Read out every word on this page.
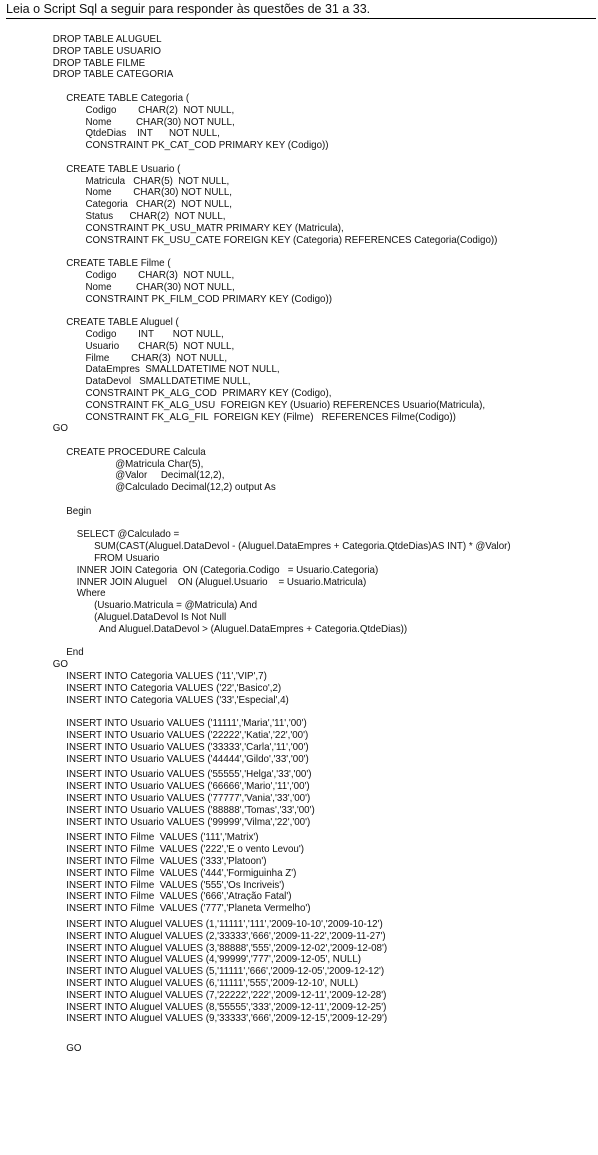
Leia o Script Sql a seguir para responder às questões de 31 a 33.
DROP TABLE ALUGUEL
DROP TABLE USUARIO
DROP TABLE FILME
DROP TABLE CATEGORIA
CREATE TABLE Categoria (
Codigo        CHAR(2)  NOT NULL,
Nome         CHAR(30) NOT NULL,
QtdeDias    INT      NOT NULL,
CONSTRAINT PK_CAT_COD PRIMARY KEY (Codigo))
CREATE TABLE Usuario (
Matricula   CHAR(5)  NOT NULL,
Nome        CHAR(30) NOT NULL,
Categoria   CHAR(2)  NOT NULL,
Status      CHAR(2)  NOT NULL,
CONSTRAINT PK_USU_MATR PRIMARY KEY (Matricula),
CONSTRAINT FK_USU_CATE FOREIGN KEY (Categoria) REFERENCES Categoria(Codigo))
CREATE TABLE Filme (
Codigo        CHAR(3)  NOT NULL,
Nome         CHAR(30) NOT NULL,
CONSTRAINT PK_FILM_COD PRIMARY KEY (Codigo))
CREATE TABLE Aluguel (
Codigo        INT       NOT NULL,
Usuario       CHAR(5)  NOT NULL,
Filme        CHAR(3)  NOT NULL,
DataEmpres  SMALLDATETIME NOT NULL,
DataDevol   SMALLDATETIME NULL,
CONSTRAINT PK_ALG_COD  PRIMARY KEY (Codigo),
CONSTRAINT FK_ALG_USU  FOREIGN KEY (Usuario) REFERENCES Usuario(Matricula),
CONSTRAINT FK_ALG_FIL  FOREIGN KEY (Filme)   REFERENCES Filme(Codigo))
GO
CREATE PROCEDURE Calcula
@Matricula Char(5),
@Valor     Decimal(12,2),
@Calculado Decimal(12,2) output As
Begin
SELECT @Calculado =
SUM(CAST(Aluguel.DataDevol - (Aluguel.DataEmpres + Categoria.QtdeDias)AS INT) * @Valor)
FROM Usuario
INNER JOIN Categoria  ON (Categoria.Codigo   = Usuario.Categoria)
INNER JOIN Aluguel    ON (Aluguel.Usuario    = Usuario.Matricula)
Where
(Usuario.Matricula = @Matricula) And
(Aluguel.DataDevol Is Not Null
And Aluguel.DataDevol > (Aluguel.DataEmpres + Categoria.QtdeDias))
End
GO
INSERT INTO Categoria VALUES ('11','VIP',7)
INSERT INTO Categoria VALUES ('22','Basico',2)
INSERT INTO Categoria VALUES ('33','Especial',4)
INSERT INTO Usuario VALUES ('11111','Maria','11','00')
INSERT INTO Usuario VALUES ('22222','Katia','22','00')
INSERT INTO Usuario VALUES ('33333','Carla','11','00')
INSERT INTO Usuario VALUES ('44444','Gildo','33','00')
INSERT INTO Usuario VALUES ('55555','Helga','33','00')
INSERT INTO Usuario VALUES ('66666','Mario','11','00')
INSERT INTO Usuario VALUES ('77777','Vania','33','00')
INSERT INTO Usuario VALUES ('88888','Tomas','33','00')
INSERT INTO Usuario VALUES ('99999','Vilma','22','00')
INSERT INTO Filme  VALUES ('111','Matrix')
INSERT INTO Filme  VALUES ('222','E o vento Levou')
INSERT INTO Filme  VALUES ('333','Platoon')
INSERT INTO Filme  VALUES ('444','Formiguinha Z')
INSERT INTO Filme  VALUES ('555','Os Incriveis')
INSERT INTO Filme  VALUES ('666','Atração Fatal')
INSERT INTO Filme  VALUES ('777','Planeta Vermelho')
INSERT INTO Aluguel VALUES (1,'11111','111','2009-10-10','2009-10-12')
INSERT INTO Aluguel VALUES (2,'33333','666','2009-11-22','2009-11-27')
INSERT INTO Aluguel VALUES (3,'88888','555','2009-12-02','2009-12-08')
INSERT INTO Aluguel VALUES (4,'99999','777','2009-12-05', NULL)
INSERT INTO Aluguel VALUES (5,'11111','666','2009-12-05','2009-12-12')
INSERT INTO Aluguel VALUES (6,'11111','555','2009-12-10', NULL)
INSERT INTO Aluguel VALUES (7,'22222','222','2009-12-11','2009-12-28')
INSERT INTO Aluguel VALUES (8,'55555','333','2009-12-11','2009-12-25')
INSERT INTO Aluguel VALUES (9,'33333','666','2009-12-15','2009-12-29')
GO
